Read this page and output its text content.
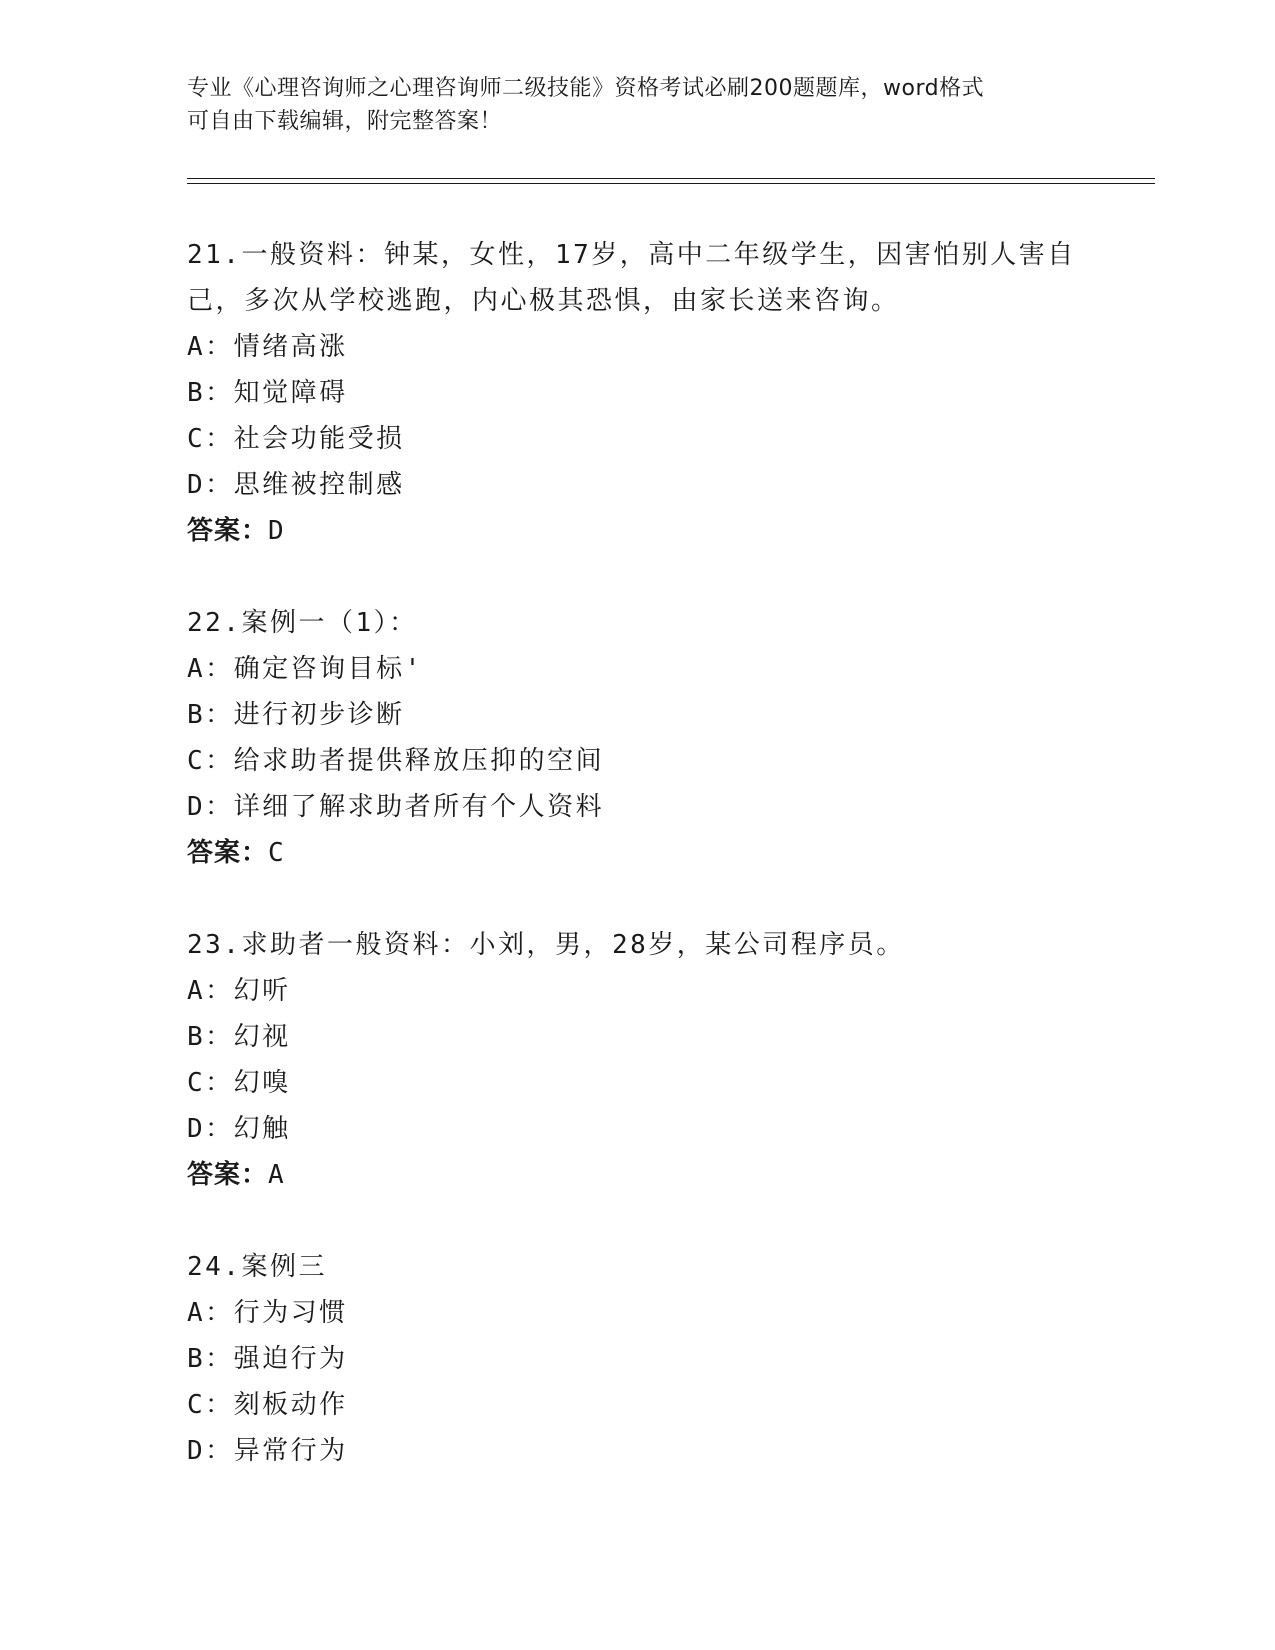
专业《心理咨询师之心理咨询师二级技能》资格考试必刷200题题库，word格式
可自由下载编辑，附完整答案！
21.一般资料：钟某，女性，17岁，高中二年级学生，因害怕别人害自己，多次从学校逃跑，内心极其恐惧，由家长送来咨询。
A：情绪高涨
B：知觉障碍
C：社会功能受损
D：思维被控制感
答案：D
22.案例一（1）：
A：确定咨询目标'
B：进行初步诊断
C：给求助者提供释放压抑的空间
D：详细了解求助者所有个人资料
答案：C
23.求助者一般资料：小刘，男，28岁，某公司程序员。
A：幻听
B：幻视
C：幻嗅
D：幻触
答案：A
24.案例三
A：行为习惯
B：强迫行为
C：刻板动作
D：异常行为
